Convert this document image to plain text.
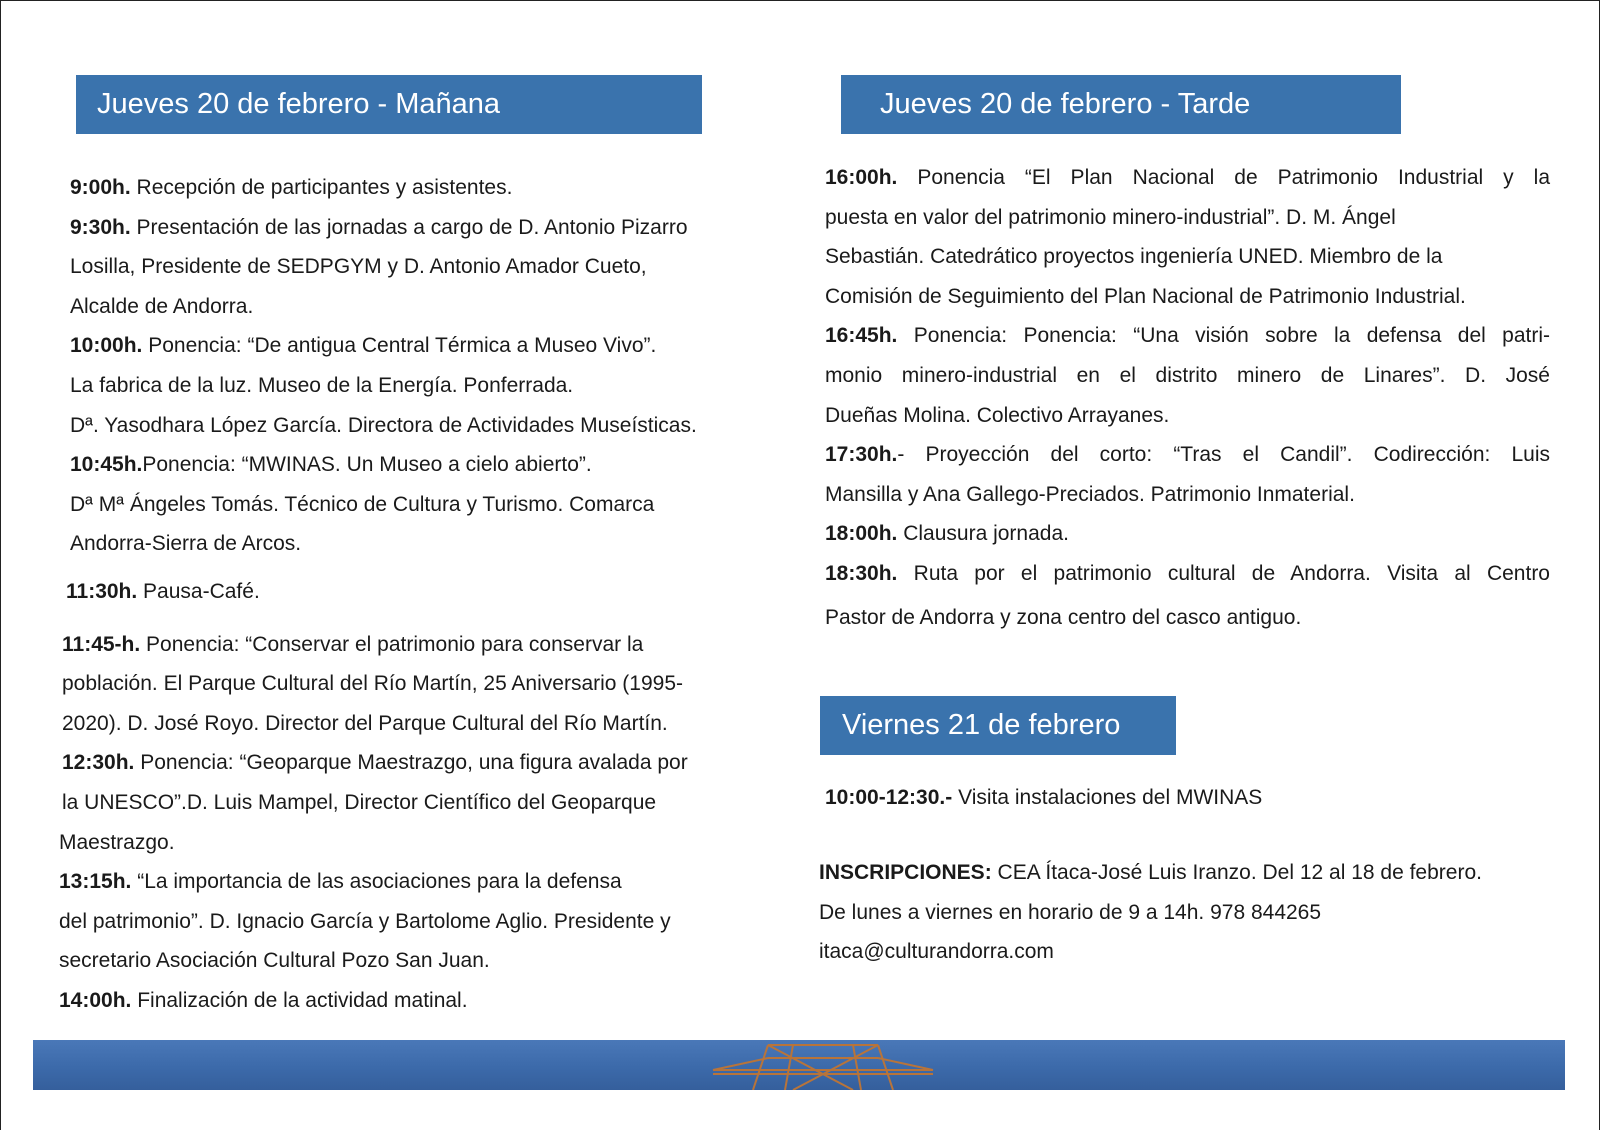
Jueves 20 de febrero - Mañana	Jueves 20 de febrero - Tarde
Viernes 21 de febrero

9:00h. Recepción de participantes y asistentes.

9:30h. Presentación de las jornadas a cargo de D. Antonio Pizarro

Losilla, Presidente de SEDPGYM y D. Antonio Amador Cueto,

Alcalde de Andorra.

10:00h. Ponencia: “De antigua Central Térmica a Museo Vivo”.

La fabrica de la luz. Museo de la Energía. Ponferrada.

Dª. Yasodhara López García. Directora de Actividades Museísticas.

10:45h.Ponencia: “MWINAS. Un Museo a cielo abierto”.

Dª Mª Ángeles Tomás. Técnico de Cultura y Turismo. Comarca

Andorra-Sierra de Arcos.

11:30h. Pausa-Café.

11:45-h. Ponencia: “Conservar el patrimonio para conservar la

población. El Parque Cultural del Río Martín, 25 Aniversario (1995-

2020). D. José Royo. Director del Parque Cultural del Río Martín.

12:30h. Ponencia: “Geoparque Maestrazgo, una figura avalada por

la UNESCO”.D. Luis Mampel, Director Científico del Geoparque

Maestrazgo.

13:15h. “La importancia de las asociaciones para la defensa

del patrimonio”. D. Ignacio García y Bartolome Aglio. Presidente y

secretario Asociación Cultural Pozo San Juan.

14:00h. Finalización de la actividad matinal.

16:00h. Ponencia “El Plan Nacional de Patrimonio Industrial y la

puesta en valor del patrimonio minero-industrial”. D. M. Ángel

Sebastián. Catedrático proyectos ingeniería UNED. Miembro de la

Comisión de Seguimiento del Plan Nacional de Patrimonio Industrial.

16:45h. Ponencia: Ponencia: “Una visión sobre la defensa del patri-

monio minero-industrial en el distrito minero de Linares”. D. José

Dueñas Molina. Colectivo Arrayanes.

17:30h.- Proyección del corto: “Tras el Candil”. Codirección: Luis

Mansilla y Ana Gallego-Preciados. Patrimonio Inmaterial.

18:00h. Clausura jornada.

18:30h. Ruta por el patrimonio cultural de Andorra. Visita al Centro

Pastor de Andorra y zona centro del casco antiguo.

10:00-12:30.- Visita instalaciones del MWINAS

INSCRIPCIONES: CEA Ítaca-José Luis Iranzo. Del 12 al 18 de febrero.

De lunes a viernes en horario de 9 a 14h. 978 844265

itaca@culturandorra.com
